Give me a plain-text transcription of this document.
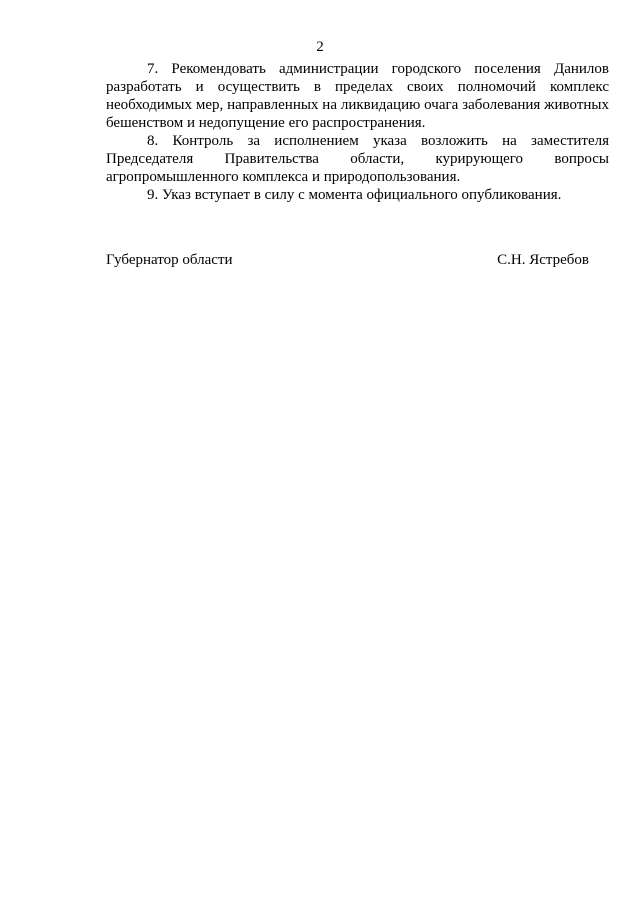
2

7. Рекомендовать администрации городского поселения Данилов разработать и осуществить в пределах своих полномочий комплекс необходимых мер, направленных на ликвидацию очага заболевания животных бешенством и недопущение его распространения.

8. Контроль за исполнением указа возложить на заместителя Председателя Правительства области, курирующего вопросы агропромышленного комплекса и природопользования.

9. Указ вступает в силу с момента официального опубликования.

Губернатор области	С.Н. Ястребов
